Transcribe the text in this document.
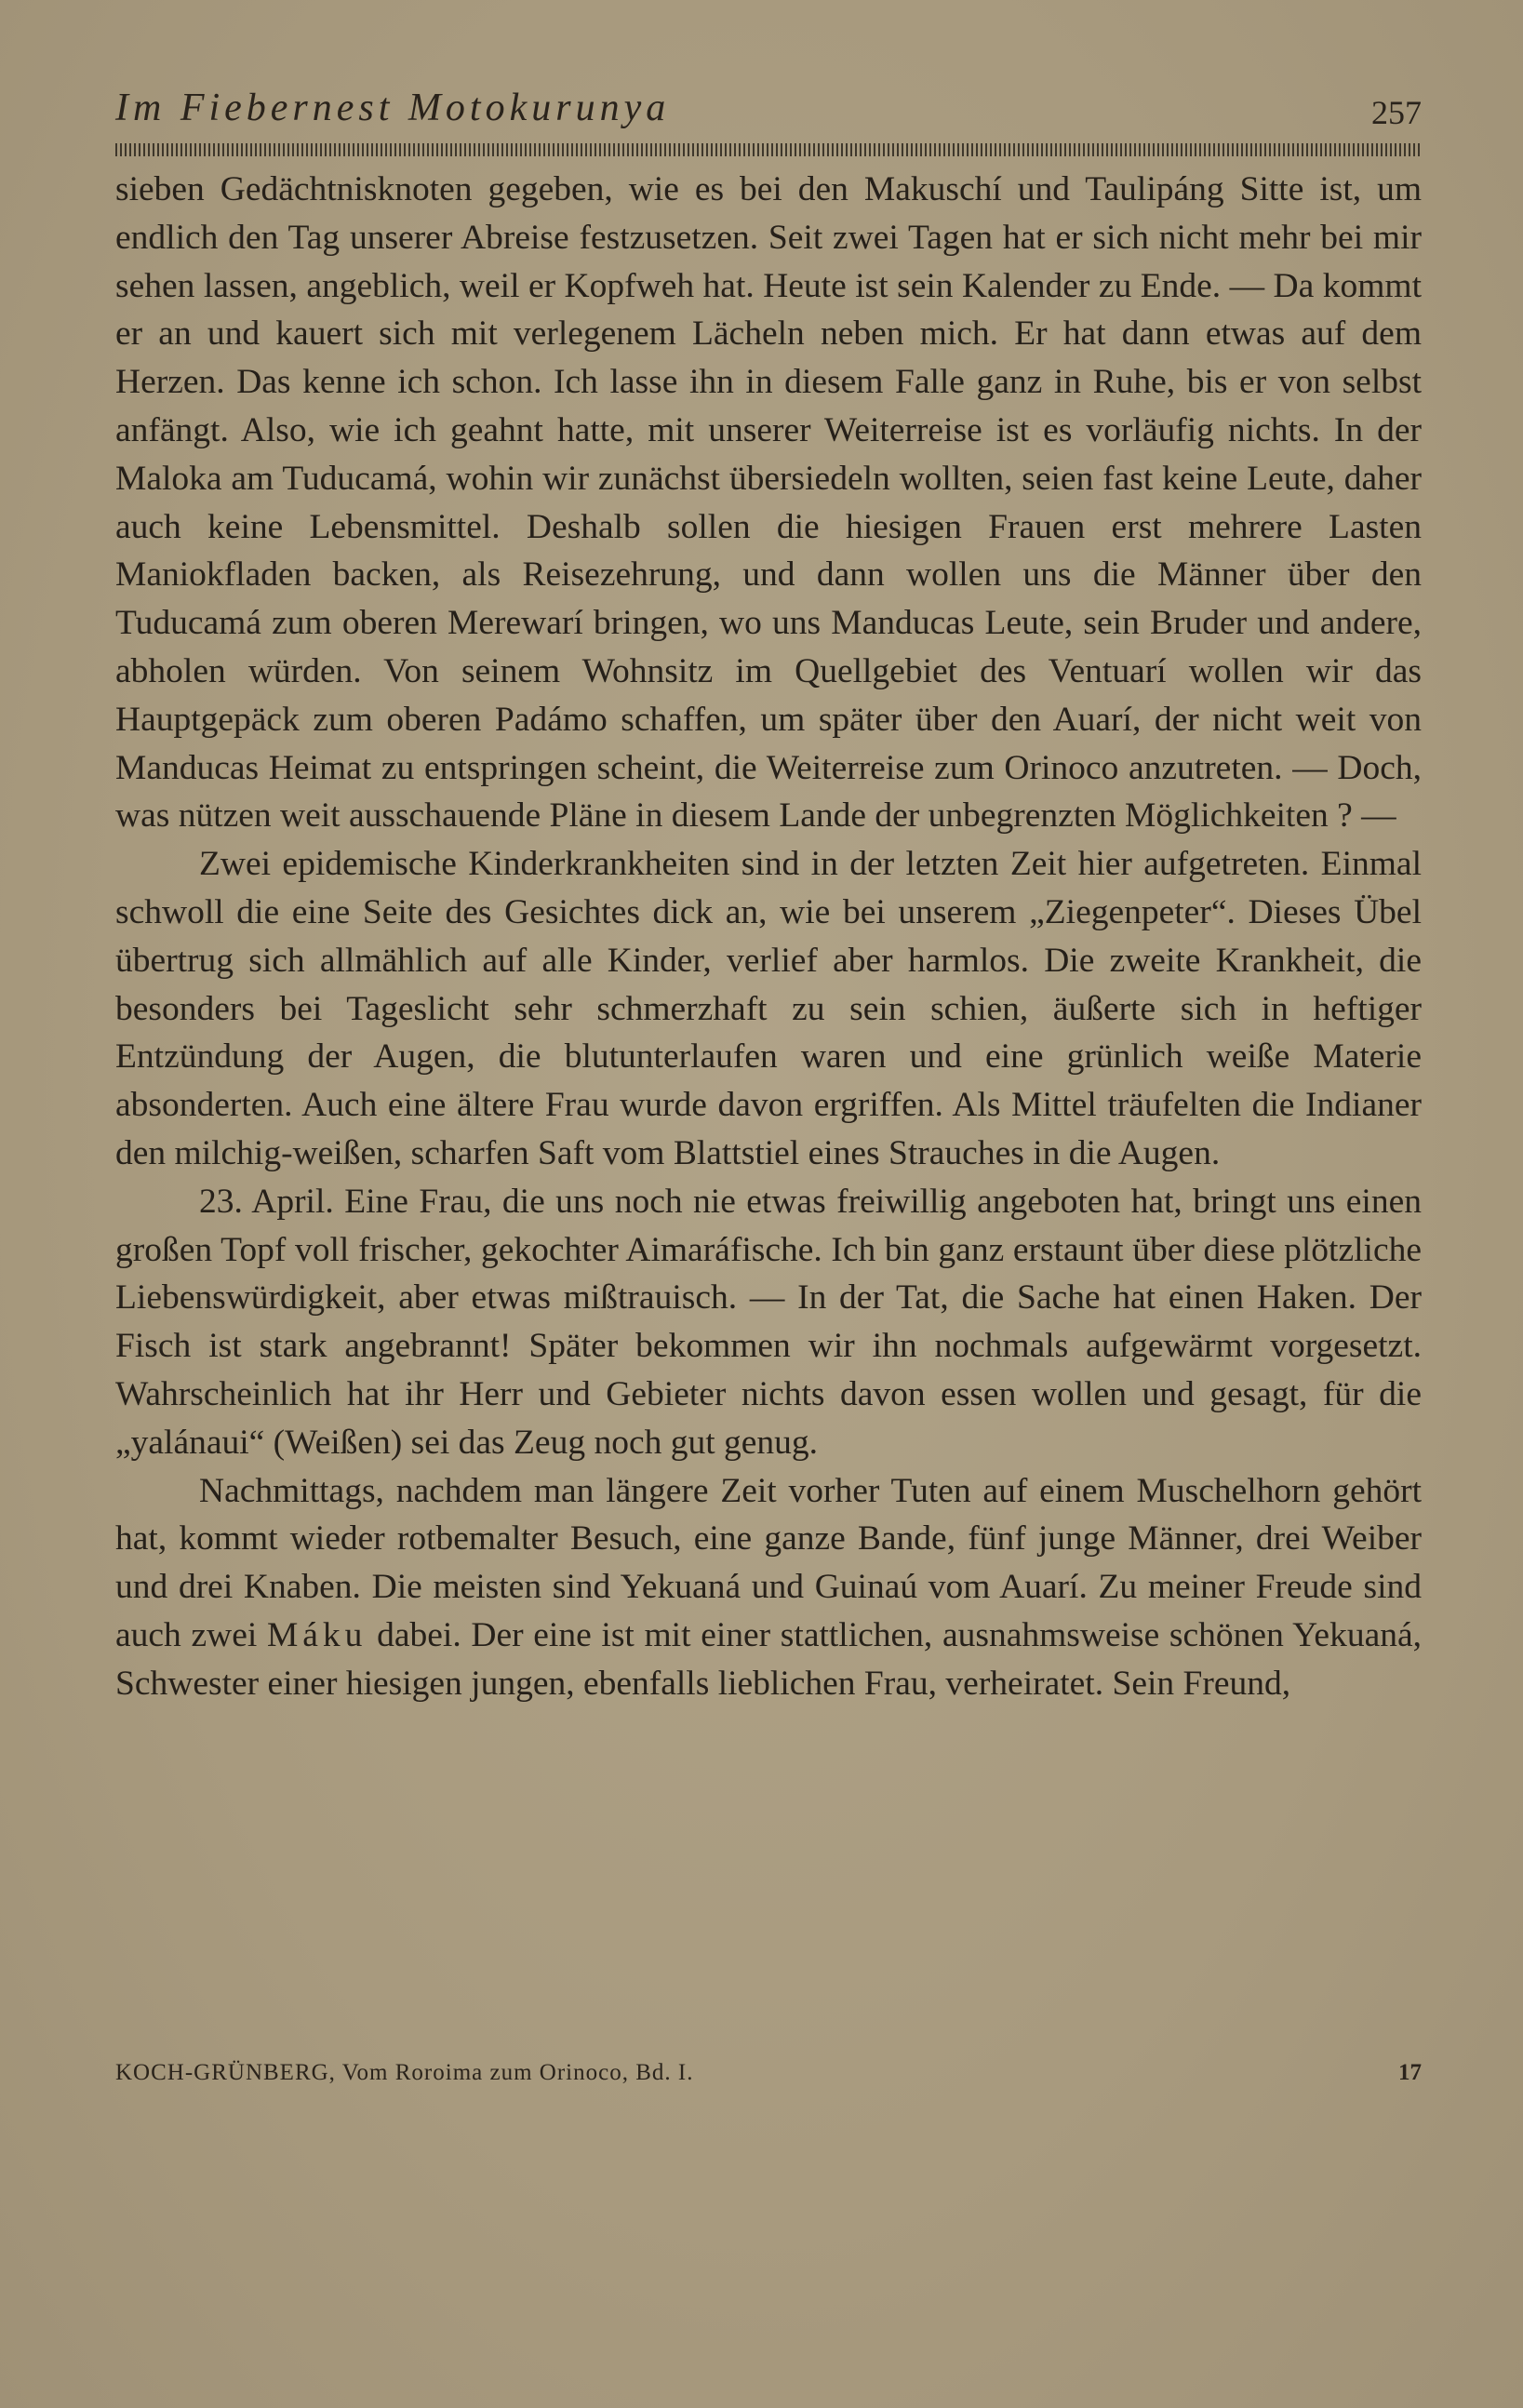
Im Fiebernest Motokurunya	257

sieben Gedächtnisknoten gegeben, wie es bei den Makuschí und Taulipáng Sitte ist, um endlich den Tag unserer Abreise festzusetzen. Seit zwei Tagen hat er sich nicht mehr bei mir sehen lassen, angeblich, weil er Kopfweh hat. Heute ist sein Kalender zu Ende. — Da kommt er an und kauert sich mit verlegenem Lächeln neben mich. Er hat dann etwas auf dem Herzen. Das kenne ich schon. Ich lasse ihn in diesem Falle ganz in Ruhe, bis er von selbst anfängt. Also, wie ich geahnt hatte, mit unserer Weiterreise ist es vorläufig nichts. In der Maloka am Tuducamá, wohin wir zunächst übersiedeln wollten, seien fast keine Leute, daher auch keine Lebensmittel. Deshalb sollen die hiesigen Frauen erst mehrere Lasten Maniokfladen backen, als Reisezehrung, und dann wollen uns die Männer über den Tuducamá zum oberen Merewarí bringen, wo uns Manducas Leute, sein Bruder und andere, abholen würden. Von seinem Wohnsitz im Quellgebiet des Ventuarí wollen wir das Hauptgepäck zum oberen Padámo schaffen, um später über den Auarí, der nicht weit von Manducas Heimat zu entspringen scheint, die Weiterreise zum Orinoco anzutreten. — Doch, was nützen weit ausschauende Pläne in diesem Lande der unbegrenzten Möglichkeiten ? —

Zwei epidemische Kinderkrankheiten sind in der letzten Zeit hier aufgetreten. Einmal schwoll die eine Seite des Gesichtes dick an, wie bei unserem „Ziegenpeter“. Dieses Übel übertrug sich allmählich auf alle Kinder, verlief aber harmlos. Die zweite Krankheit, die besonders bei Tageslicht sehr schmerzhaft zu sein schien, äußerte sich in heftiger Entzündung der Augen, die blutunterlaufen waren und eine grünlich weiße Materie absonderten. Auch eine ältere Frau wurde davon ergriffen. Als Mittel träufelten die Indianer den milchig-weißen, scharfen Saft vom Blattstiel eines Strauches in die Augen.

23. April. Eine Frau, die uns noch nie etwas freiwillig angeboten hat, bringt uns einen großen Topf voll frischer, gekochter Aimaráfische. Ich bin ganz erstaunt über diese plötzliche Liebenswürdigkeit, aber etwas mißtrauisch. — In der Tat, die Sache hat einen Haken. Der Fisch ist stark angebrannt! Später bekommen wir ihn nochmals aufgewärmt vorgesetzt. Wahrscheinlich hat ihr Herr und Gebieter nichts davon essen wollen und gesagt, für die „yalánaui“ (Weißen) sei das Zeug noch gut genug.

Nachmittags, nachdem man längere Zeit vorher Tuten auf einem Muschelhorn gehört hat, kommt wieder rotbemalter Besuch, eine ganze Bande, fünf junge Männer, drei Weiber und drei Knaben. Die meisten sind Yekuaná und Guinaú vom Auarí. Zu meiner Freude sind auch zwei Máku dabei. Der eine ist mit einer stattlichen, ausnahmsweise schönen Yekuaná, Schwester einer hiesigen jungen, ebenfalls lieblichen Frau, verheiratet. Sein Freund,

KOCH-GRÜNBERG, Vom Roroima zum Orinoco, Bd. I.	17
